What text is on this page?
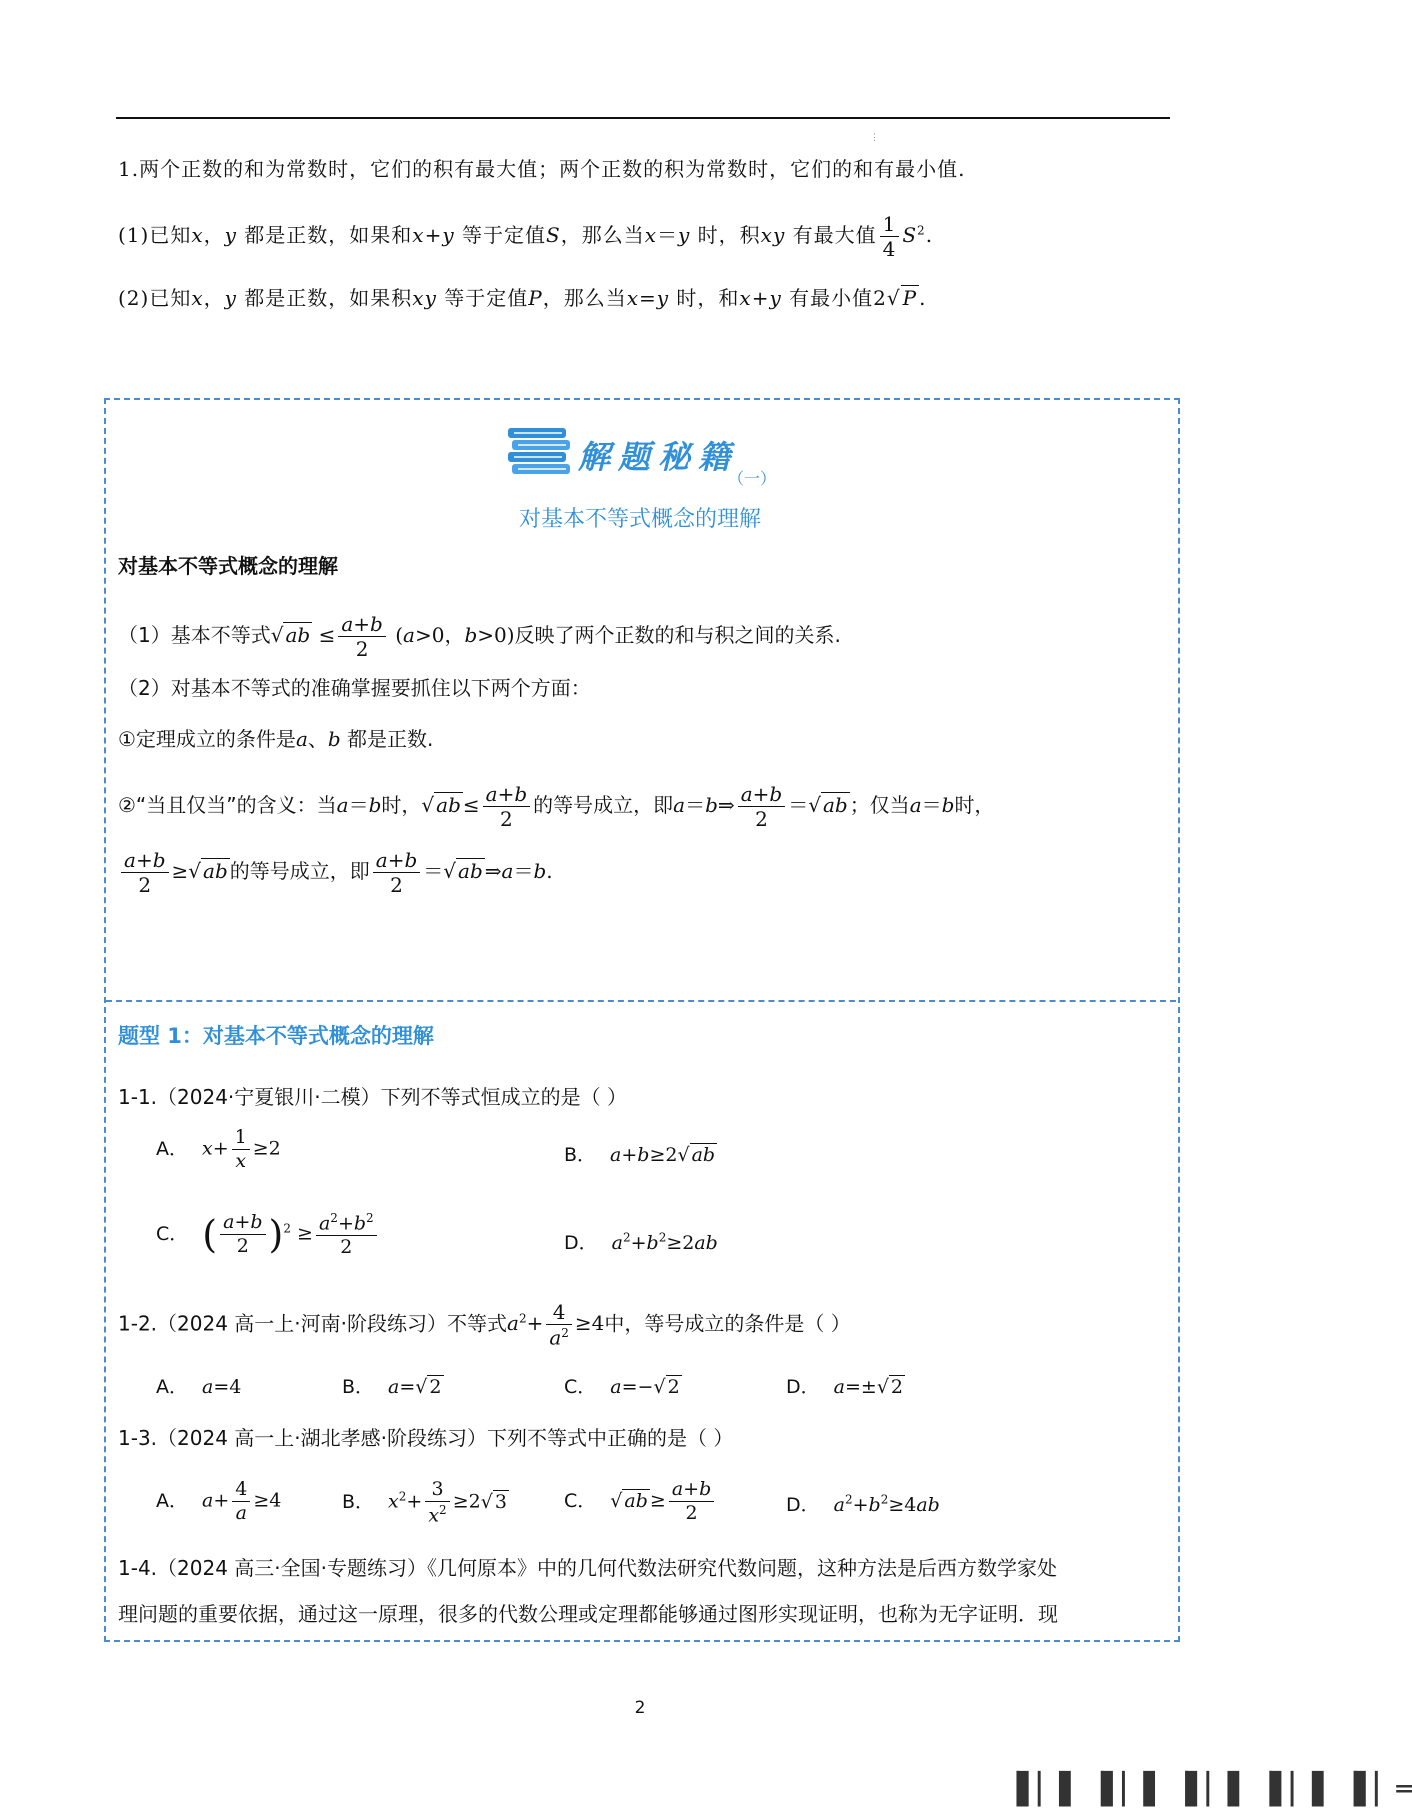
⋮
1.两个正数的和为常数时，它们的积有最大值；两个正数的积为常数时，它们的和有最小值.
(1)已知x，y 都是正数，如果和x+y 等于定值S，那么当x＝y 时，积xy 有最大值 $\frac{1}{4} S^2$.
(2)已知x，y 都是正数，如果积xy 等于定值P，那么当x=y 时，和x+y 有最小值2√ P .
解题秘籍
（一）
对基本不等式概念的理解
对基本不等式概念的理解
（1）基本不等式√ ab ≤ $\frac{a+b}{2} (a>0$，b>0)反映了两个正数的和与积之间的关系.
（2）对基本不等式的准确掌握要抓住以下两个方面：
①定理成立的条件是a、b 都是正数.
②“当且仅当”的含义：当a＝b时，√ ab ≤ $\frac{a+b}{2}$ 的等号成立，即a＝b⇒ $\frac{a+b}{2}$ ＝√ ab ；仅当a＝b时，
$\frac{a+b}{2}$ ≥√ ab 的等号成立，即 $\frac{a+b}{2}$ ＝√ ab ⇒a＝b.
题型 1：对基本不等式概念的理解
1-1.（2024·宁夏银川·二模）下列不等式恒成立的是（ ）
A． $x+ \frac{1}{x} \ge 2$	B． a+b≥2√ ab
C． ( $\frac{a+b}{2} )^2 \ge \frac{a^2+b^2}{2}$	D． $a^2+b^2\ge 2ab$
1-2.（2024 高一上·河南·阶段练习）不等式$a^2+ \frac{4}{a^2} \ge 4$中，等号成立的条件是（ ）
A． a=4	B． a=√ 2	C． a=−√ 2	D． a=±√ 2
1-3.（2024 高一上·湖北孝感·阶段练习）下列不等式中正确的是（ ）
A． $a+ \frac{4}{a} \ge 4$	B． $x^2+ \frac{3}{x^2} \ge 2√$ 3	C． √ ab ≥ $\frac{a+b}{2}$	D． $a^2+b^2\ge 4ab$
1-4.（2024 高三·全国·专题练习）《几何原本》中的几何代数法研究代数问题，这种方法是后西方数学家处
理问题的重要依据，通过这一原理，很多的代数公理或定理都能够通过图形实现证明，也称为无字证明．现
2
▕▌▏▌▕▌▏▌▕▌▏▌▕▌▏▌▕▌▏═
